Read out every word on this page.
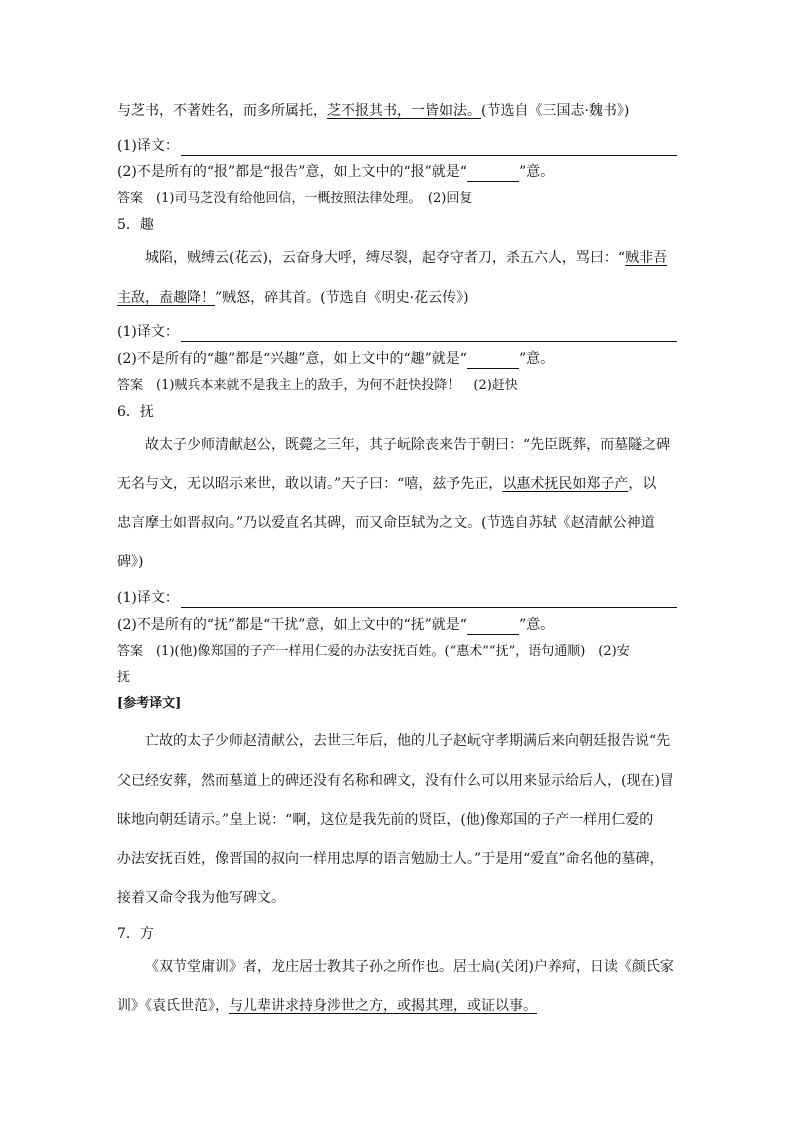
与芝书，不著姓名，而多所属托，芝不报其书，一皆如法。(节选自《三国志·魏书》)
(1)译文：
(2)不是所有的“报”都是“报告”意，如上文中的“报”就是“	”意。
答案　(1)司马芝没有给他回信，一概按照法律处理。　(2)回复
5．趣
城陷，贼缚云(花云)，云奋身大呼，缚尽裂，起夺守者刀，杀五六人，骂曰：“贼非吾
主敌，盍趣降！”贼怒，碎其首。(节选自《明史·花云传》)
(1)译文：
(2)不是所有的“趣”都是“兴趣”意，如上文中的“趣”就是“	”意。
答案　(1)贼兵本来就不是我主上的敌手，为何不赶快投降！　(2)赶快
6．抚
故太子少师清献赵公，既薨之三年，其子岏除丧来告于朝曰：“先臣既葬，而墓隧之碑
无名与文，无以昭示来世，敢以请。”天子曰：“嘻，兹予先正，以惠术抚民如郑子产，以
忠言摩士如晋叔向。”乃以爱直名其碑，而又命臣轼为之文。(节选自苏轼《赵清献公神道
碑》)
(1)译文：
(2)不是所有的“抚”都是“干扰”意，如上文中的“抚”就是“	”意。
答案　(1)(他)像郑国的子产一样用仁爱的办法安抚百姓。(“惠术”“抚”，语句通顺)　(2)安
抚
[参考译文]
亡故的太子少师赵清献公，去世三年后，他的儿子赵岏守孝期满后来向朝廷报告说“先
父已经安葬，然而墓道上的碑还没有名称和碑文，没有什么可以用来显示给后人，(现在)冒
昧地向朝廷请示。”皇上说：“啊，这位是我先前的贤臣，(他)像郑国的子产一样用仁爱的
办法安抚百姓，像晋国的叔向一样用忠厚的语言勉励士人。”于是用“爱直”命名他的墓碑，
接着又命令我为他写碑文。
7．方
《双节堂庸训》者，龙庄居士教其子孙之所作也。居士扃(关闭)户养疴，日读《颜氏家
训》《袁氏世范》，与儿辈讲求持身涉世之方，或揭其理，或证以事。
